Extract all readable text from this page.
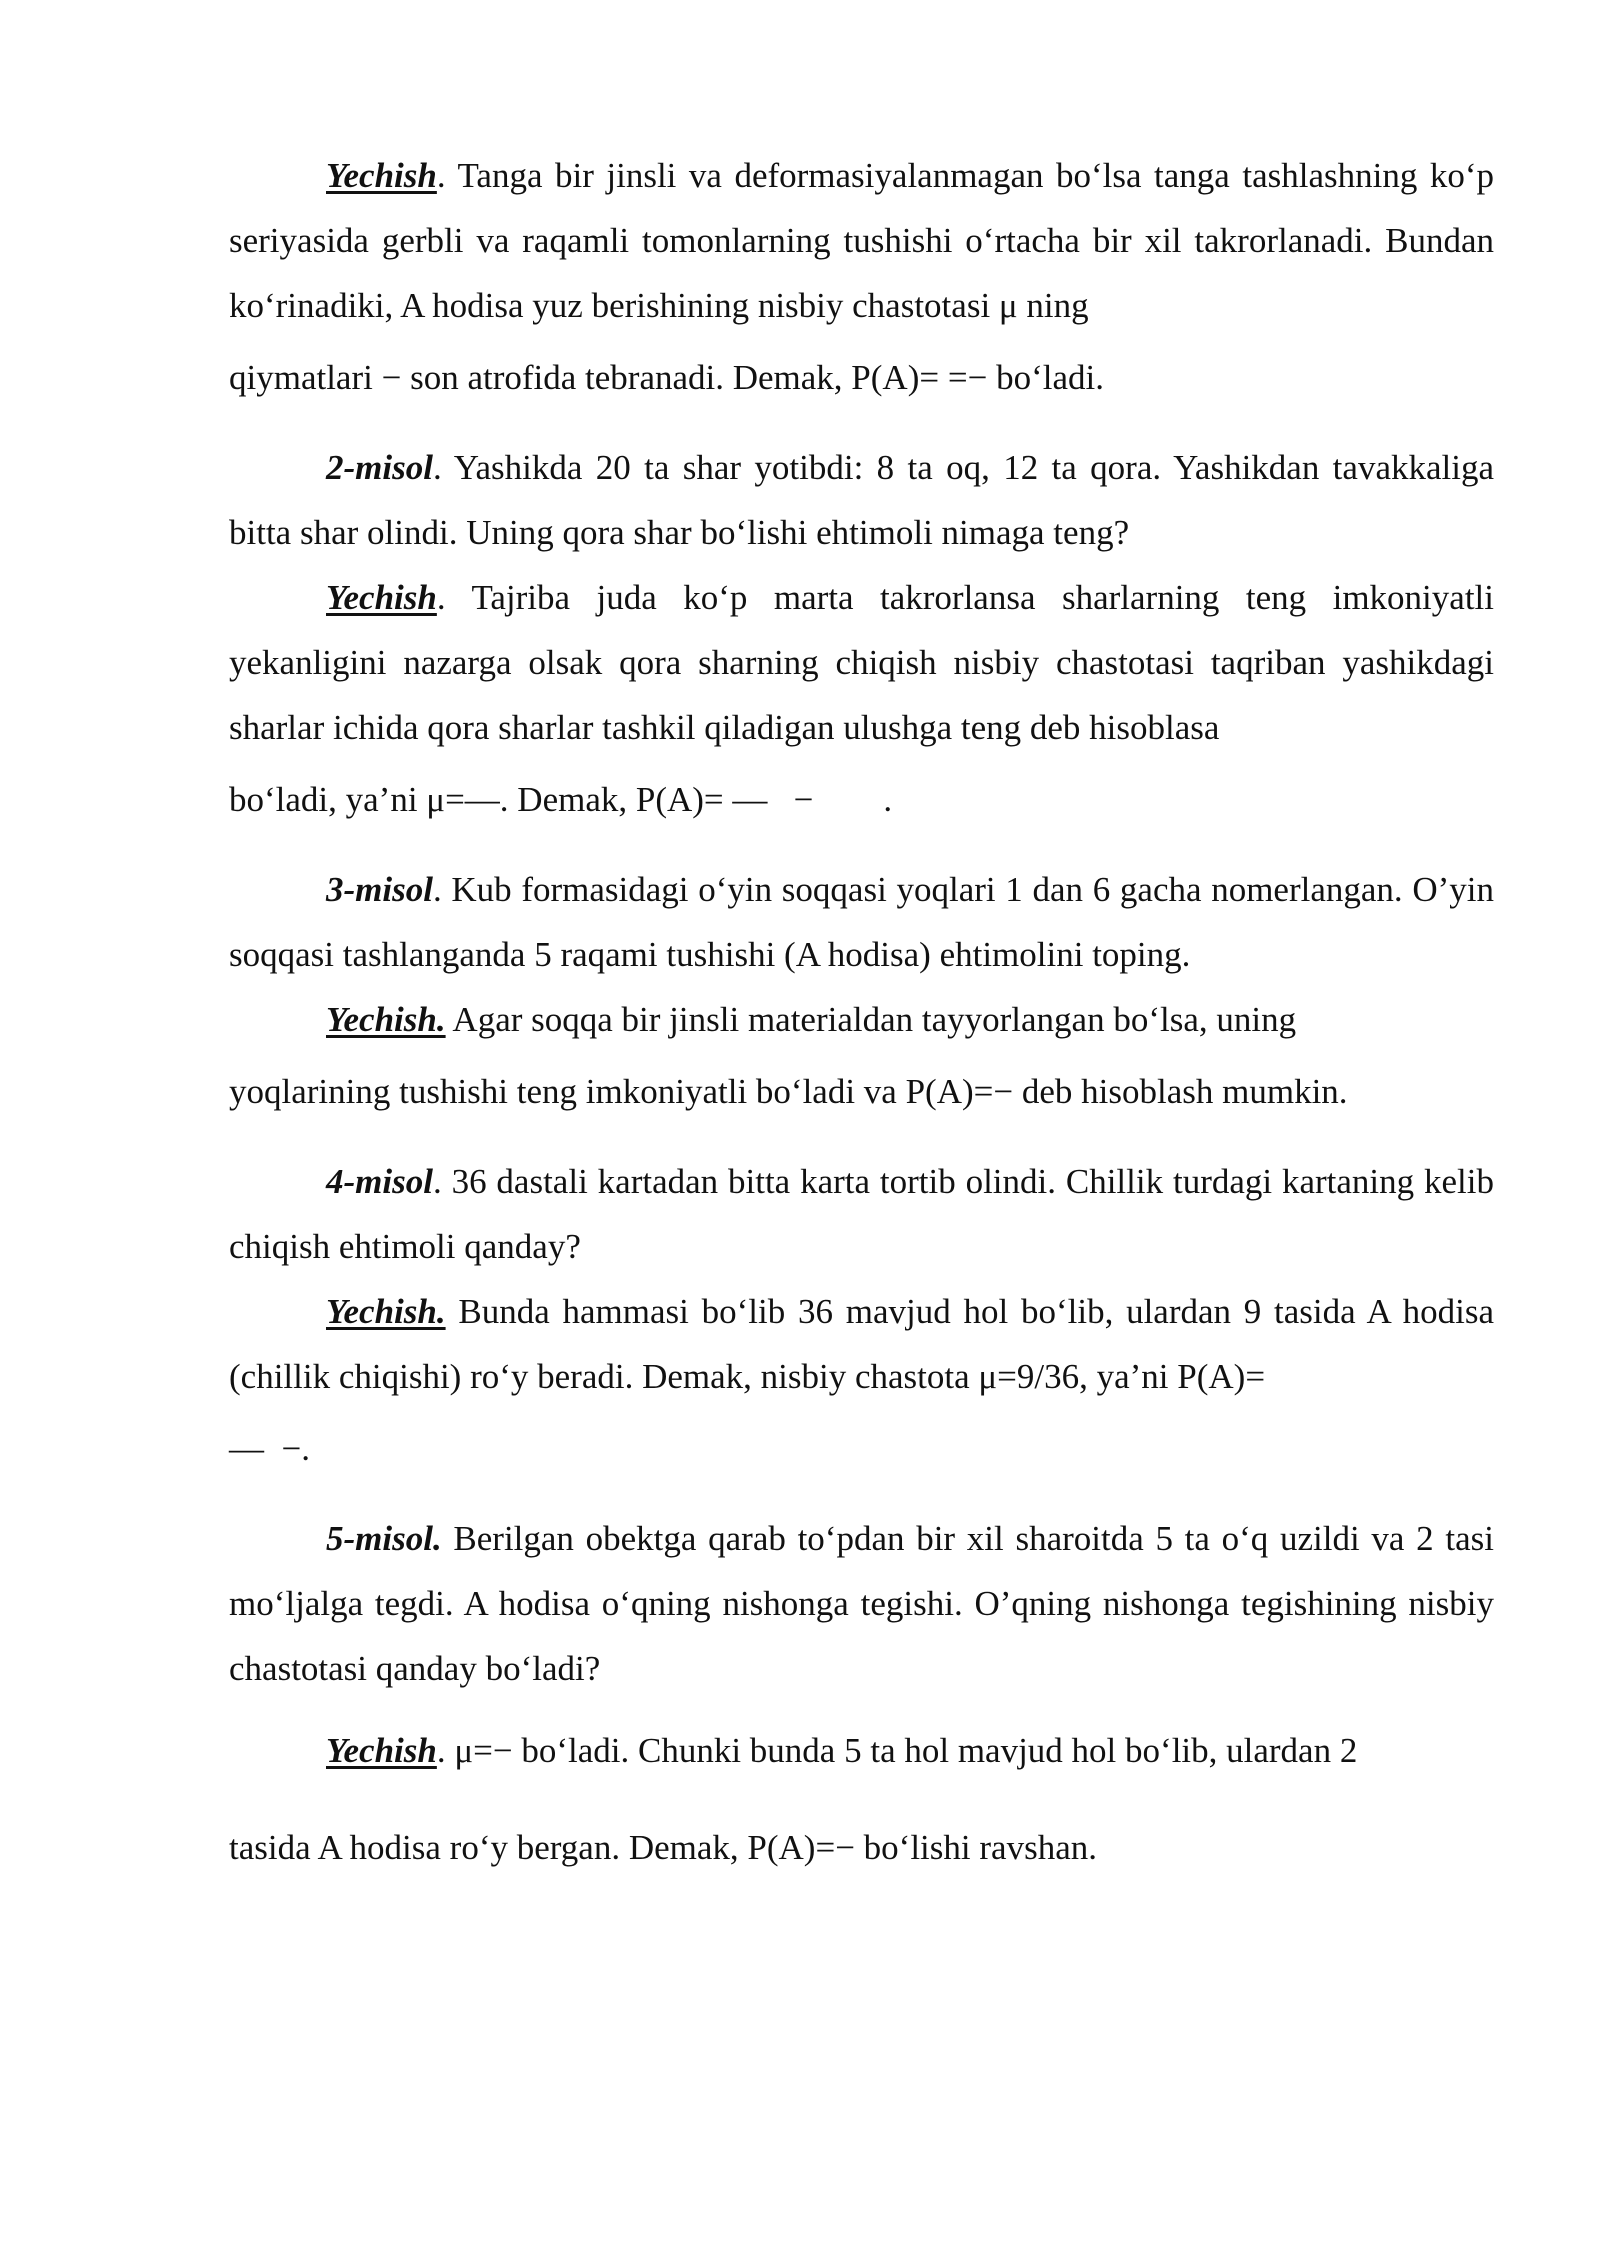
Yechish. Tanga bir jinsli va deformasiyalanmagan bo‘lsa tanga tashlashning ko‘p seriyasida gerbli va raqamli tomonlarning tushishi o‘rtacha bir xil takrorlanadi. Bundan ko‘rinadiki, A hodisa yuz berishining nisbiy chastotasi μ ning
qiymatlari − son atrofida tebranadi. Demak, P(A)= =− bo‘ladi.

2-misol. Yashikda 20 ta shar yotibdi: 8 ta oq, 12 ta qora. Yashikdan tavakkaliga bitta shar olindi. Uning qora shar bo‘lishi ehtimoli nimaga teng?

Yechish. Tajriba juda ko‘p marta takrorlansa sharlarning teng imkoniyatli yekanligini nazarga olsak qora sharning chiqish nisbiy chastotasi taqriban yashikdagi sharlar ichida qora sharlar tashkil qiladigan ulushga teng deb hisoblasa
bo‘ladi, ya’ni μ=—. Demak, P(A)= —   −        .

3-misol. Kub formasidagi o‘yin soqqasi yoqlari 1 dan 6 gacha nomerlangan. O’yin soqqasi tashlanganda 5 raqami tushishi (A hodisa) ehtimolini toping.

Yechish. Agar soqqa bir jinsli materialdan tayyorlangan bo‘lsa, uning
yoqlarining tushishi teng imkoniyatli bo‘ladi va P(A)=− deb hisoblash mumkin.

4-misol. 36 dastali kartadan bitta karta tortib olindi. Chillik turdagi kartaning kelib chiqish ehtimoli qanday?

Yechish. Bunda hammasi bo‘lib 36 mavjud hol bo‘lib, ulardan 9 tasida A hodisa (chillik chiqishi) ro‘y beradi. Demak, nisbiy chastota μ=9/36, ya’ni P(A)=
—  −.

5-misol. Berilgan obektga qarab to‘pdan bir xil sharoitda 5 ta o‘q uzildi va 2 tasi mo‘ljalga tegdi. A hodisa o‘qning nishonga tegishi. O’qning nishonga tegishining nisbiy chastotasi qanday bo‘ladi?

Yechish. μ=− bo‘ladi. Chunki bunda 5 ta hol mavjud hol bo‘lib, ulardan 2
tasida A hodisa ro‘y bergan. Demak, P(A)=− bo‘lishi ravshan.
